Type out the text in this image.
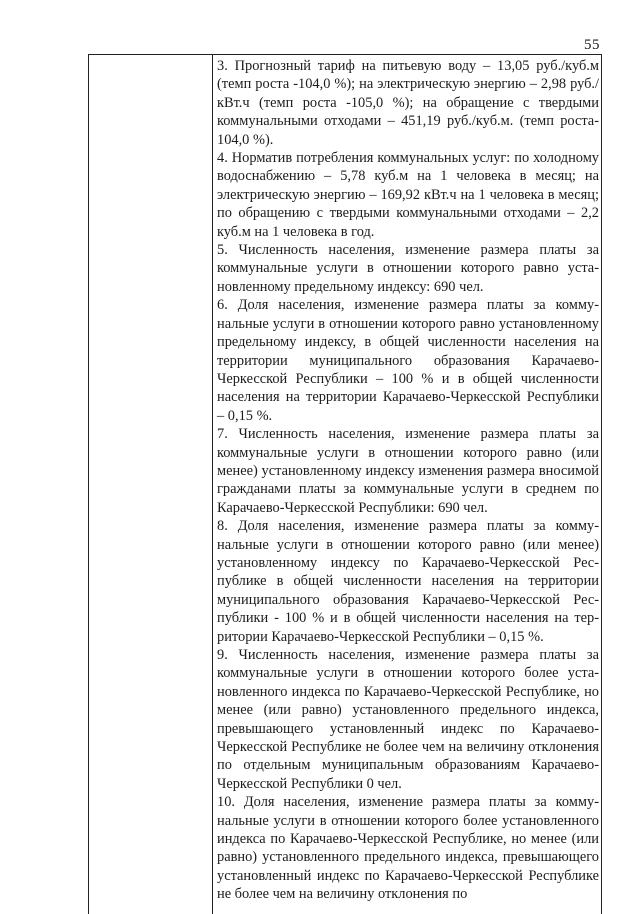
55

3. Прогнозный тариф на питьевую воду – 13,05 руб./куб.м (темп роста -104,0 %); на электрическую энергию – 2,98 руб./кВт.ч (темп роста -105,0 %); на обращение с твердыми коммунальными отходами – 451,19 руб./куб.м. (темп роста- 104,0 %).

4. Норматив потребления коммунальных услуг: по холодному водоснабжению – 5,78 куб.м на 1 человека в месяц; на электрическую энергию – 169,92 кВт.ч на 1 человека в месяц; по обращению с твердыми коммунальными отходами – 2,2 куб.м на 1 человека в год.

5. Численность населения, изменение размера платы за коммунальные услуги в отношении которого равно установленному предельному индексу: 690 чел.

6. Доля населения, изменение размера платы за коммунальные услуги в отношении которого равно установленному предельному индексу, в общей численности населения на территории муниципального образования Карачаево-Черкесской Республики – 100 % и в общей численности населения на территории Карачаево-Черкесской Республики – 0,15 %.

7. Численность населения, изменение размера платы за коммунальные услуги в отношении которого равно (или менее) установленному индексу изменения размера вносимой гражданами платы за коммунальные услуги в среднем по Карачаево-Черкесской Республики: 690 чел.

8. Доля населения, изменение размера платы за коммунальные услуги в отношении которого равно (или менее) установленному индексу по Карачаево-Черкесской Республике в общей численности населения на территории муниципального образования Карачаево-Черкесской Республики - 100 % и в общей численности населения на территории Карачаево-Черкесской Республики – 0,15 %.

9. Численность населения, изменение размера платы за коммунальные услуги в отношении которого более установленного индекса по Карачаево-Черкесской Республике, но менее (или равно) установленного предельного индекса, превышающего установленный индекс по Карачаево-Черкесской Республике не более чем на величину отклонения по отдельным муниципальным образованиям Карачаево-Черкесской Республики 0 чел.

10. Доля населения, изменение размера платы за коммунальные услуги в отношении которого более установленного индекса по Карачаево-Черкесской Республике, но менее (или равно) установленного предельного индекса, превышающего установленный индекс по Карачаево-Черкесской Республике не более чем на величину отклонения по
